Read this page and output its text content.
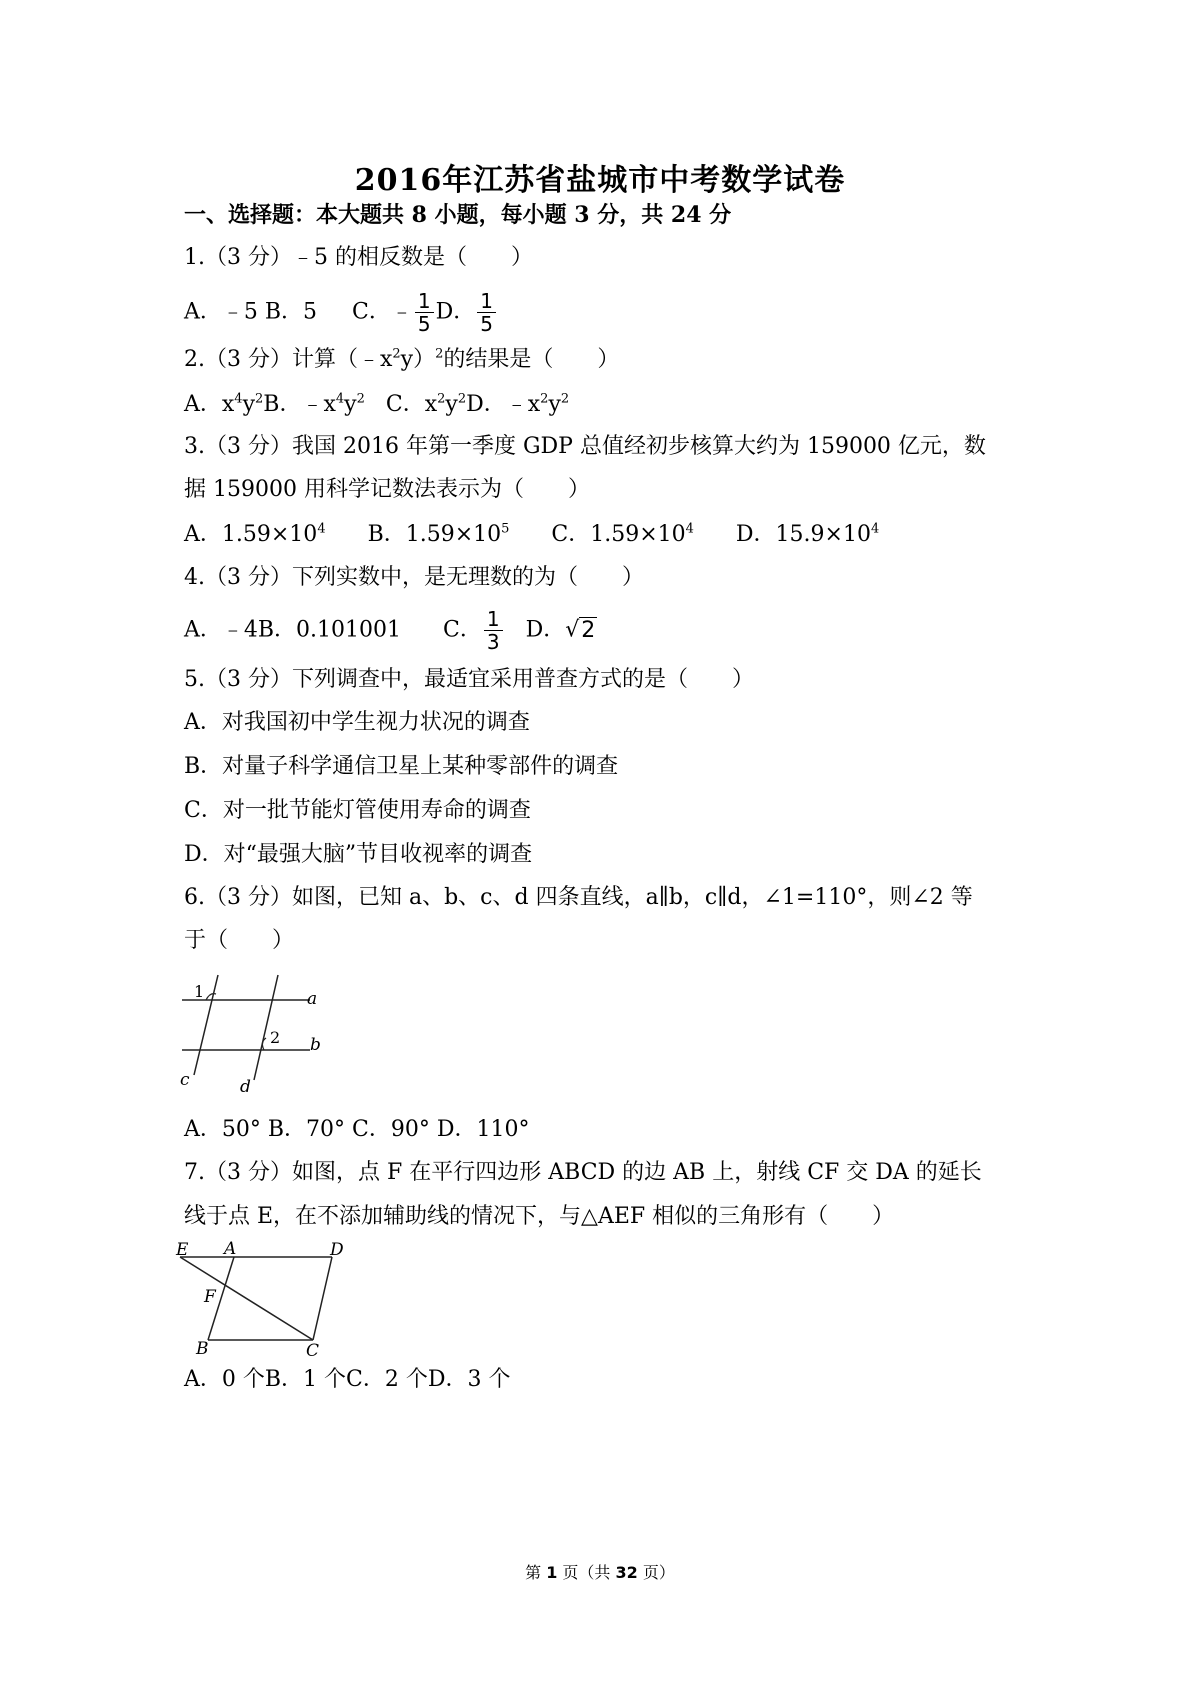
2016年江苏省盐城市中考数学试卷
一、选择题：本大题共 8 小题，每小题 3 分，共 24 分
1.（3 分）﹣5 的相反数是（　　）
A．﹣5 B．5 C．﹣ $\frac{1}{5}$ D． $\frac{1}{5}$
2.（3 分）计算$(﹣x^2y)^2$的结果是（　　）
A．$x^4y^2B$．$﹣x^4y^2$ C．$x^2y^2D$．$﹣x^2y^2$
3.（3 分）我国 2016 年第一季度 GDP 总值经初步核算大约为 159000 亿元，数
据 159000 用科学记数法表示为（　　）
A．$1.59\times 10^4$ B．$1.59\times 10^5$ C．$1.59\times 10^4$ D．$15.9\times 10^4$
4.（3 分）下列实数中，是无理数的为（　　）
A．﹣4B．0.101001 C． $\frac{1}{3}$ D．√2
5.（3 分）下列调查中，最适宜采用普查方式的是（　　）
A．对我国初中学生视力状况的调查
B．对量子科学通信卫星上某种零部件的调查
C．对一批节能灯管使用寿命的调查
D．对“最强大脑”节目收视率的调查
6.（3 分）如图，已知 a、b、c、d 四条直线，a∥b，c∥d，∠1=110°，则∠2 等
于（　　）
1
2
a
b
c	d
A．50° B．70° C．90° D．110°
7.（3 分）如图，点 F 在平行四边形 ABCD 的边 AB 上，射线 CF 交 DA 的延长
线于点 E，在不添加辅助线的情况下，与△AEF 相似的三角形有（　　）
E A	D
F
B	C
A．0 个B．1 个C．2 个D．3 个
第 1 页（共 32 页）
